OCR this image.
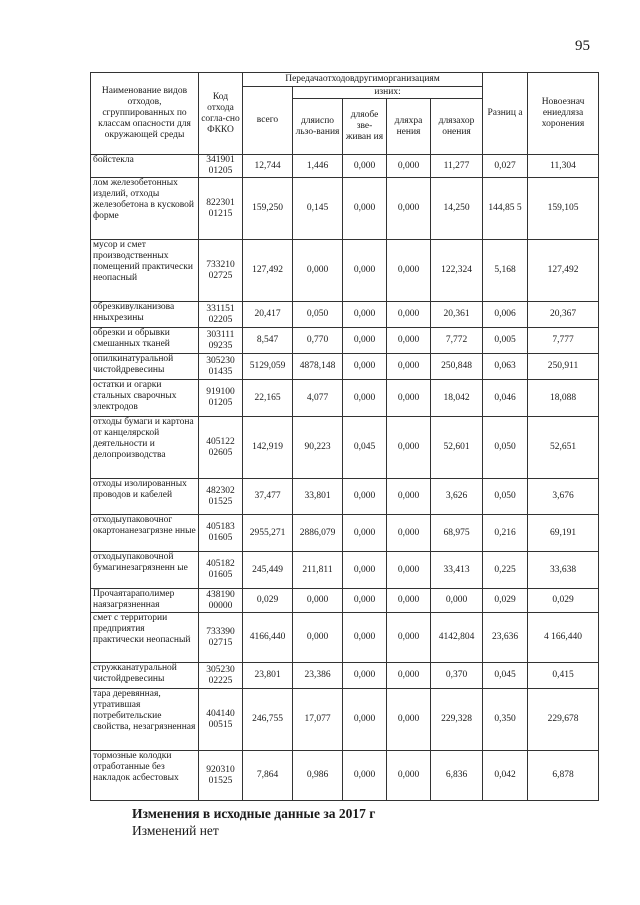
95
Наименование видов отходов, сгруппированных по классам опасности для окружающей среды	Код отхода согла-сно ФККО	Передачаотходовдругиморганизациям					Разниц а	Новоезнач ениедляза хоронения
		всего	изних:					
			дляиспо льзо-вания	дляобе зве-живан ия	дляхра нения	длязахор онения		
бойстекла	341901 01205	12,744	1,446	0,000	0,000	11,277	0,027	11,304
лом железобетонных изделий, отходы железобетона в кусковой форме	822301 01215	159,250	0,145	0,000	0,000	14,250	144,85 5	159,105
мусор и смет производственных помещений практически неопасный	733210 02725	127,492	0,000	0,000	0,000	122,324	5,168	127,492
обрезкивулканизова нныхрезины	331151 02205	20,417	0,050	0,000	0,000	20,361	0,006	20,367
обрезки и обрывки смешанных тканей	303111 09235	8,547	0,770	0,000	0,000	7,772	0,005	7,777
опилкинатуральной чистойдревесины	305230 01435	5129,059	4878,148	0,000	0,000	250,848	0,063	250,911
остатки и огарки стальных сварочных электродов	919100 01205	22,165	4,077	0,000	0,000	18,042	0,046	18,088
отходы бумаги и картона от канцелярской деятельности и делопроизводства	405122 02605	142,919	90,223	0,045	0,000	52,601	0,050	52,651
отходы изолированных проводов и кабелей	482302 01525	37,477	33,801	0,000	0,000	3,626	0,050	3,676
отходыупаковочног окартонанезагрязне нные	405183 01605	2955,271	2886,079	0,000	0,000	68,975	0,216	69,191
отходыупаковочной бумагинезагрязненн ые	405182 01605	245,449	211,811	0,000	0,000	33,413	0,225	33,638
Прочаятараполимер наязагрязненная	438190 00000	0,029	0,000	0,000	0,000	0,000	0,029	0,029
смет с территории предприятия практически неопасный	733390 02715	4166,440	0,000	0,000	0,000	4142,804	23,636	4 166,440
стружканатуральной чистойдревесины	305230 02225	23,801	23,386	0,000	0,000	0,370	0,045	0,415
тара деревянная, утратившая потребительские свойства, незагрязненная	404140 00515	246,755	17,077	0,000	0,000	229,328	0,350	229,678
тормозные колодки отработанные без накладок асбестовых	920310 01525	7,864	0,986	0,000	0,000	6,836	0,042	6,878
Изменения в исходные данные за 2017 г
Изменений нет
